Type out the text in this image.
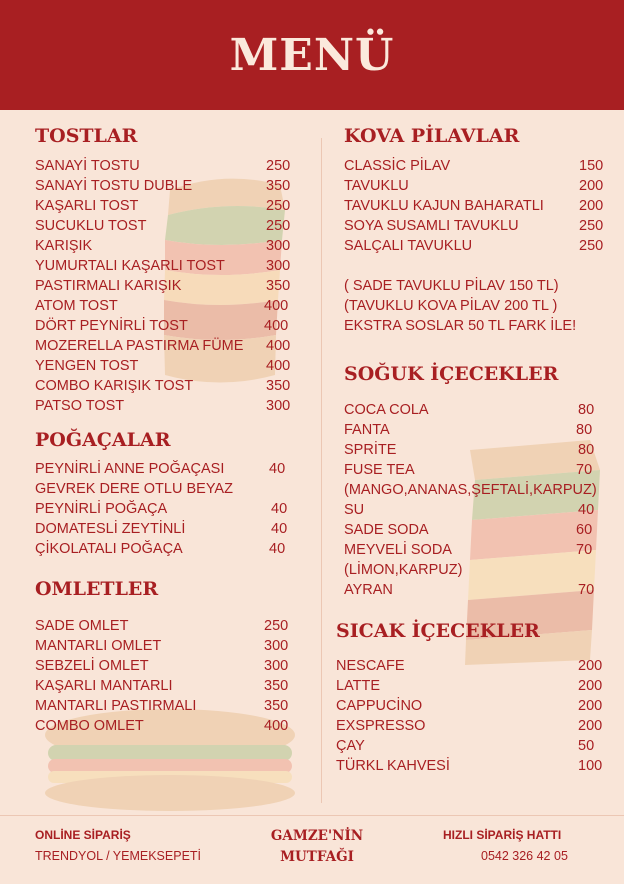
MENÜ
TOSTLAR
SANAYİ TOSTU	250
SANAYİ TOSTU DUBLE	350
KAŞARLI TOST	250
SUCUKLU TOST	250
KARIŞIK	300
YUMURTALI KAŞARLI TOST	300
PASTIRMALI KARIŞIK	350
ATOM TOST	400
DÖRT PEYNİRLİ TOST	400
MOZERELLA PASTIRMA FÜME 400
YENGEN TOST	400
COMBO KARIŞIK TOST	350
PATSO TOST	300
POĞAÇALAR
PEYNİRLİ ANNE POĞAÇASI	40
GEVREK DERE OTLU BEYAZ
PEYNİRLİ POĞAÇA	40
DOMATESLİ ZEYTİNLİ	40
ÇİKOLATALI POĞAÇA	40
OMLETLER
SADE OMLET	250
MANTARLI OMLET	300
SEBZELİ OMLET	300
KAŞARLI MANTARLI	350
MANTARLI PASTIRMALI	350
COMBO OMLET	400
KOVA PİLAVLAR
CLASSİC PİLAV	150
TAVUKLU	200
TAVUKLU KAJUN BAHARATLI 200
SOYA SUSAMLI TAVUKLU	250
SALÇALI TAVUKLU	250
( SADE TAVUKLU PİLAV 150 TL)
(TAVUKLU KOVA PİLAV 200 TL )
EKSTRA SOSLAR 50 TL FARK İLE!
SOĞUK İÇECEKLER
COCA COLA	80
FANTA	80
SPRİTE	80
FUSE TEA	70
(MANGO,ANANAS,ŞEFTALİ,KARPUZ)
SU	40
SADE SODA	60
MEYVELİ SODA	70
(LİMON,KARPUZ)
AYRAN	70
SICAK İÇECEKLER
NESCAFE	200
LATTE	200
CAPPUCİNO	200
EXSPRESSO	200
ÇAY	50
TÜRKL KAHVESİ	100
ONLİNE SİPARİŞ
TRENDYOL / YEMEKSEPETİ
GAMZE'NİN
MUTFAĞI
HIZLI SİPARİŞ HATTI
0542 326 42 05
